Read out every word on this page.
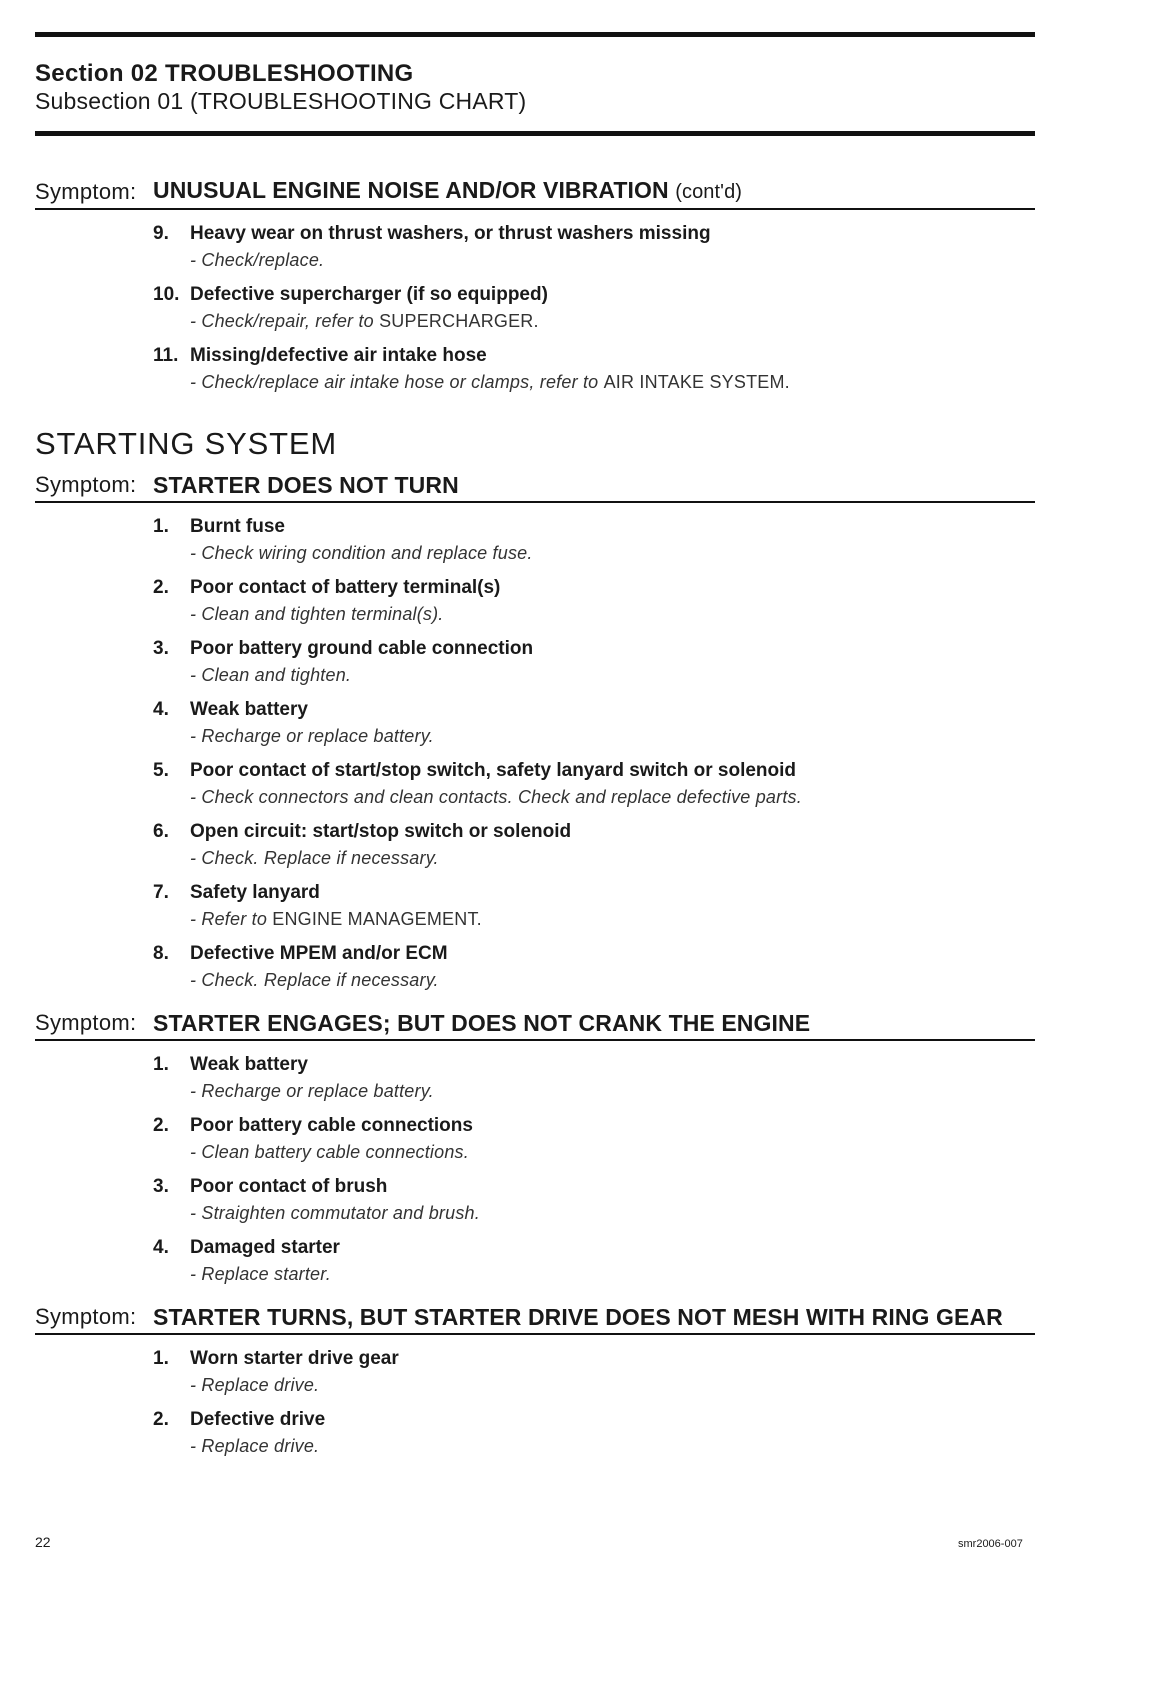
Section 02 TROUBLESHOOTING
Subsection 01 (TROUBLESHOOTING CHART)
Symptom: UNUSUAL ENGINE NOISE AND/OR VIBRATION (cont'd)
9.	Heavy wear on thrust washers, or thrust washers missing
- Check/replace.
10. Defective supercharger (if so equipped)
- Check/repair, refer to SUPERCHARGER.
11. Missing/defective air intake hose
- Check/replace air intake hose or clamps, refer to AIR INTAKE SYSTEM.
STARTING SYSTEM
Symptom: STARTER DOES NOT TURN
1.	Burnt fuse
- Check wiring condition and replace fuse.
2.	Poor contact of battery terminal(s)
- Clean and tighten terminal(s).
3.	Poor battery ground cable connection
- Clean and tighten.
4.	Weak battery
- Recharge or replace battery.
5.	Poor contact of start/stop switch, safety lanyard switch or solenoid
- Check connectors and clean contacts. Check and replace defective parts.
6.	Open circuit: start/stop switch or solenoid
- Check. Replace if necessary.
7.	Safety lanyard
- Refer to ENGINE MANAGEMENT.
8.	Defective MPEM and/or ECM
- Check. Replace if necessary.
Symptom: STARTER ENGAGES; BUT DOES NOT CRANK THE ENGINE
1.	Weak battery
- Recharge or replace battery.
2.	Poor battery cable connections
- Clean battery cable connections.
3.	Poor contact of brush
- Straighten commutator and brush.
4.	Damaged starter
- Replace starter.
Symptom: STARTER TURNS, BUT STARTER DRIVE DOES NOT MESH WITH RING GEAR
1.	Worn starter drive gear
- Replace drive.
2.	Defective drive
- Replace drive.
22	smr2006-007
